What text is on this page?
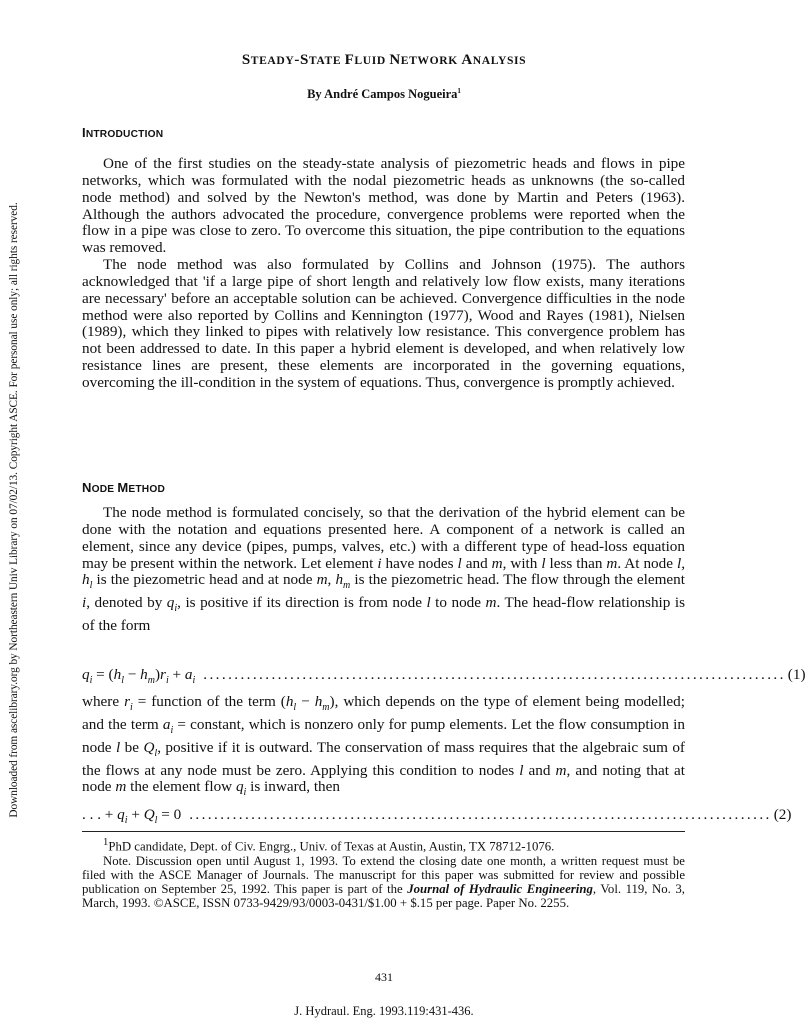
Downloaded from ascelibrary.org by Northeastern Univ Library on 07/02/13. Copyright ASCE. For personal use only; all rights reserved.
STEADY-STATE FLUID NETWORK ANALYSIS
By André Campos Nogueira$^1$
INTRODUCTION

One of the first studies on the steady-state analysis of piezometric heads and flows in pipe networks, which was formulated with the nodal piezometric heads as unknowns (the so-called node method) and solved by the Newton's method, was done by Martin and Peters (1963). Although the authors advocated the procedure, convergence problems were reported when the flow in a pipe was close to zero. To overcome this situation, the pipe contribution to the equations was removed.

The node method was also formulated by Collins and Johnson (1975). The authors acknowledged that 'if a large pipe of short length and relatively low flow exists, many iterations are necessary' before an acceptable solution can be achieved. Convergence difficulties in the node method were also reported by Collins and Kennington (1977), Wood and Rayes (1981), Nielsen (1989), which they linked to pipes with relatively low resistance. This convergence problem has not been addressed to date. In this paper a hybrid element is developed, and when relatively low resistance lines are present, these elements are incorporated in the governing equations, overcoming the ill-condition in the system of equations. Thus, convergence is promptly achieved.

NODE METHOD

The node method is formulated concisely, so that the derivation of the hybrid element can be done with the notation and equations presented here. A component of a network is called an element, since any device (pipes, pumps, valves, etc.) with a different type of head-loss equation may be present within the network. Let element i have nodes l and m, with l less than m. At node l, $h_l$ is the piezometric head and at node m, $h_m$ is the piezometric head. The flow through the element i, denoted by $q_i$, is positive if its direction is from node l to node m. The head-flow relationship is of the form

$q_i = (h_l - h_m)r_i + a_i$ .............................................................................................. (1)

where $r_i$ = function of the term $(h_l - h_m)$, which depends on the type of element being modelled; and the term $a_i$ = constant, which is nonzero only for pump elements. Let the flow consumption in node l be $Q_l$, positive if it is outward. The conservation of mass requires that the algebraic sum of the flows at any node must be zero. Applying this condition to nodes l and m, and noting that at node m the element flow $q_i$ is inward, then

. . . + $q_i + Q_l = 0$ .............................................................................................. (2)

$^1$PhD candidate, Dept. of Civ. Engrg., Univ. of Texas at Austin, Austin, TX 78712-1076.

Note. Discussion open until August 1, 1993. To extend the closing date one month, a written request must be filed with the ASCE Manager of Journals. The manuscript for this paper was submitted for review and possible publication on September 25, 1992. This paper is part of the Journal of Hydraulic Engineering, Vol. 119, No. 3, March, 1993. ©ASCE, ISSN 0733-9429/93/0003-0431/$1.00 + $.15 per page. Paper No. 2255.

431
J. Hydraul. Eng. 1993.119:431-436.
